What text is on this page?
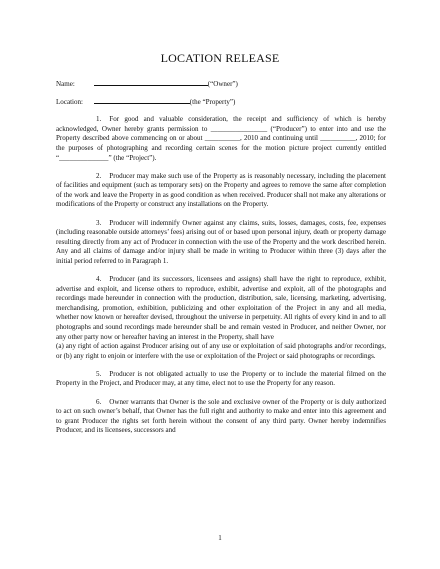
LOCATION RELEASE
Name:	(“Owner”)
Location:	(the “Property”)
1. For good and valuable consideration, the receipt and sufficiency of which is hereby acknowledged, Owner hereby grants permission to ________________ (“Producer”) to enter into and use the Property described above commencing on or about __________, 2010 and continuing until __________, 2010; for the purposes of photographing and recording certain scenes for the motion picture project currently entitled “______________” (the “Project”).
2. Producer may make such use of the Property as is reasonably necessary, including the placement of facilities and equipment (such as temporary sets) on the Property and agrees to remove the same after completion of the work and leave the Property in as good condition as when received. Producer shall not make any alterations or modifications of the Property or construct any installations on the Property.
3. Producer will indemnify Owner against any claims, suits, losses, damages, costs, fee, expenses (including reasonable outside attorneys’ fees) arising out of or based upon personal injury, death or property damage resulting directly from any act of Producer in connection with the use of the Property and the work described herein. Any and all claims of damage and/or injury shall be made in writing to Producer within three (3) days after the initial period referred to in Paragraph 1.
4. Producer (and its successors, licensees and assigns) shall have the right to reproduce, exhibit, advertise and exploit, and license others to reproduce, exhibit, advertise and exploit, all of the photographs and recordings made hereunder in connection with the production, distribution, sale, licensing, marketing, advertising, merchandising, promotion, exhibition, publicizing and other exploitation of the Project in any and all media, whether now known or hereafter devised, throughout the universe in perpetuity. All rights of every kind in and to all photographs and sound recordings made hereunder shall be and remain vested in Producer, and neither Owner, nor any other party now or hereafter having an interest in the Property, shall have
(a) any right of action against Producer arising out of any use or exploitation of said photographs and/or recordings, or (b) any right to enjoin or interfere with the use or exploitation of the Project or said photographs or recordings.
5. Producer is not obligated actually to use the Property or to include the material filmed on the Property in the Project, and Producer may, at any time, elect not to use the Property for any reason.
6. Owner warrants that Owner is the sole and exclusive owner of the Property or is duly authorized to act on such owner’s behalf, that Owner has the full right and authority to make and enter into this agreement and to grant Producer the rights set forth herein without the consent of any third party. Owner hereby indemnifies Producer, and its licensees, successors and
1
